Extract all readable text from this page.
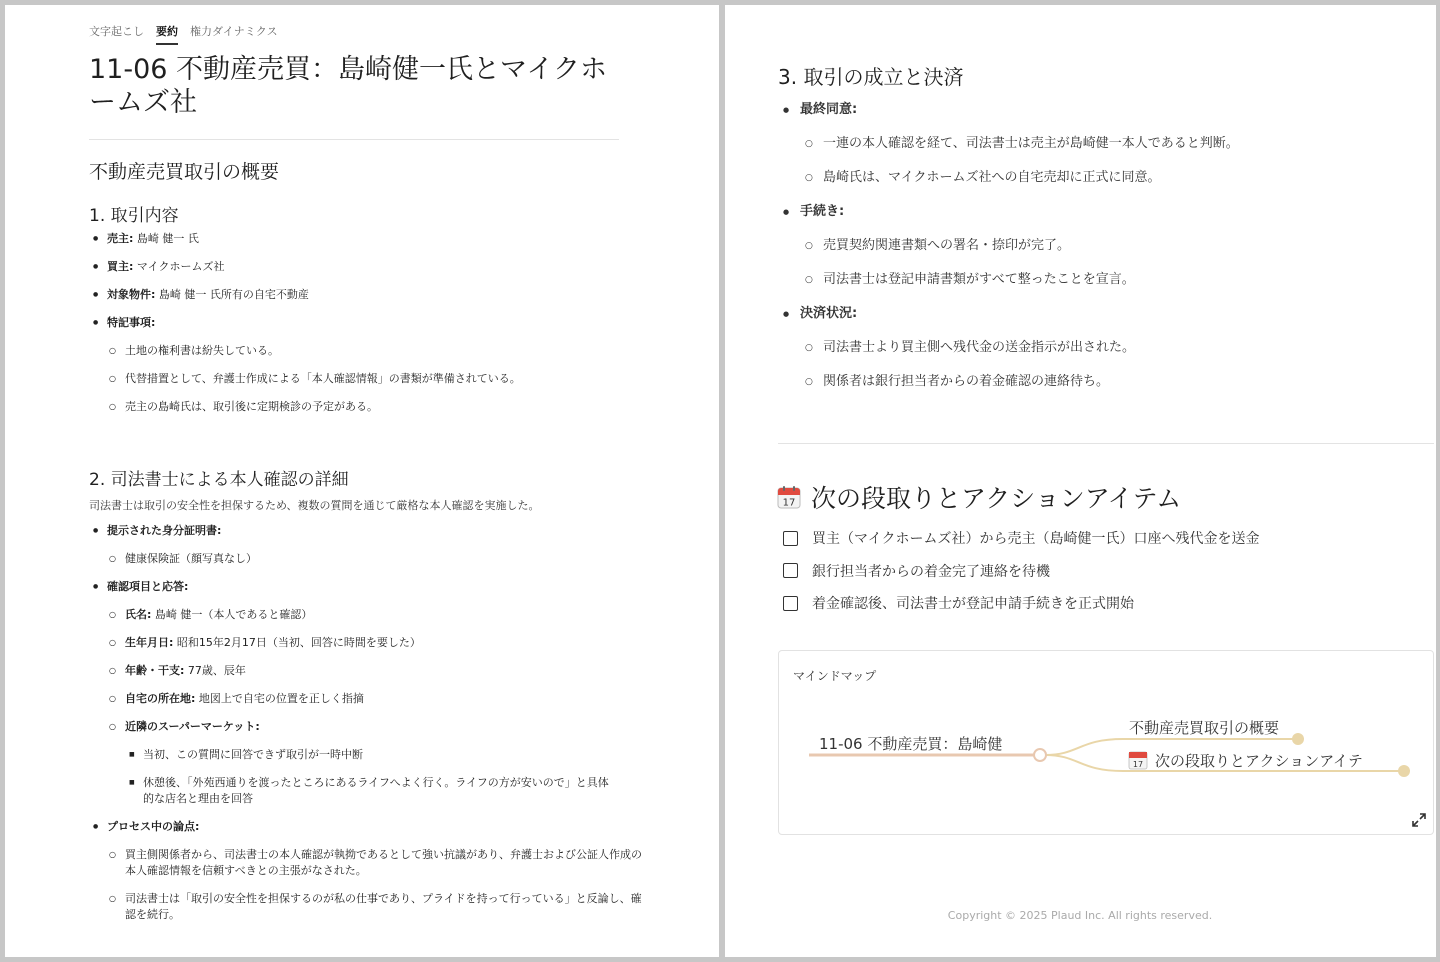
文字起こし 要約 権力ダイナミクス
11-06 不動産売買：島崎健一氏とマイクホームズ社
不動産売買取引の概要
1. 取引内容
● 売主: 島崎 健一 氏
● 買主: マイクホームズ社
● 対象物件: 島崎 健一 氏所有の自宅不動産
● 特記事項:
○ 土地の権利書は紛失している。
○ 代替措置として、弁護士作成による「本人確認情報」の書類が準備されている。
○ 売主の島崎氏は、取引後に定期検診の予定がある。
2. 司法書士による本人確認の詳細
司法書士は取引の安全性を担保するため、複数の質問を通じて厳格な本人確認を実施した。
● 提示された身分証明書:
○ 健康保険証（顔写真なし）
● 確認項目と応答:
○ 氏名: 島崎 健一（本人であると確認）
○ 生年月日: 昭和15年2月17日（当初、回答に時間を要した）
○ 年齢・干支: 77歳、辰年
○ 自宅の所在地: 地図上で自宅の位置を正しく指摘
○ 近隣のスーパーマーケット:
■ 当初、この質問に回答できず取引が一時中断
■ 休憩後、「外苑西通りを渡ったところにあるライフへよく行く。ライフの方が安いので」と具体的な店名と理由を回答
● プロセス中の論点:
○ 買主側関係者から、司法書士の本人確認が執拗であるとして強い抗議があり、弁護士および公証人作成の本人確認情報を信頼すべきとの主張がなされた。
○ 司法書士は「取引の安全性を担保するのが私の仕事であり、プライドを持って行っている」と反論し、確認を続行。
3. 取引の成立と決済
● 最終同意:
○ 一連の本人確認を経て、司法書士は売主が島崎健一本人であると判断。
○ 島崎氏は、マイクホームズ社への自宅売却に正式に同意。
● 手続き:
○ 売買契約関連書類への署名・捺印が完了。
○ 司法書士は登記申請書類がすべて整ったことを宣言。
● 決済状況:
○ 司法書士より買主側へ残代金の送金指示が出された。
○ 関係者は銀行担当者からの着金確認の連絡待ち。
17 次の段取りとアクションアイテム
買主（マイクホームズ社）から売主（島崎健一氏）口座へ残代金を送金
銀行担当者からの着金完了連絡を待機
着金確認後、司法書士が登記申請手続きを正式開始
マインドマップ
11-06 不動産売買：島崎健
不動産売買取引の概要
17 次の段取りとアクションアイテ
Copyright © 2025 Plaud Inc. All rights reserved.
